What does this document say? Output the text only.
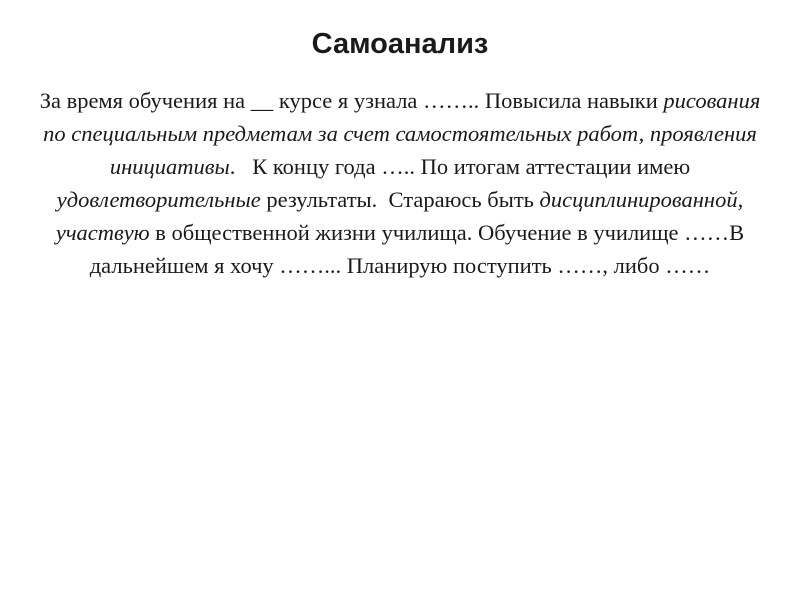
Самоанализ

За время обучения на __ курсе я узнала …….. Повысила навыки рисования  по специальным предметам за счет самостоятельных работ, проявления инициативы.   К концу года ….. По итогам аттестации имею удовлетворительные результаты.  Стараюсь быть дисциплинированной, участвую в общественной жизни училища. Обучение в училище ……В дальнейшем я хочу ……... Планирую поступить ……, либо ……
